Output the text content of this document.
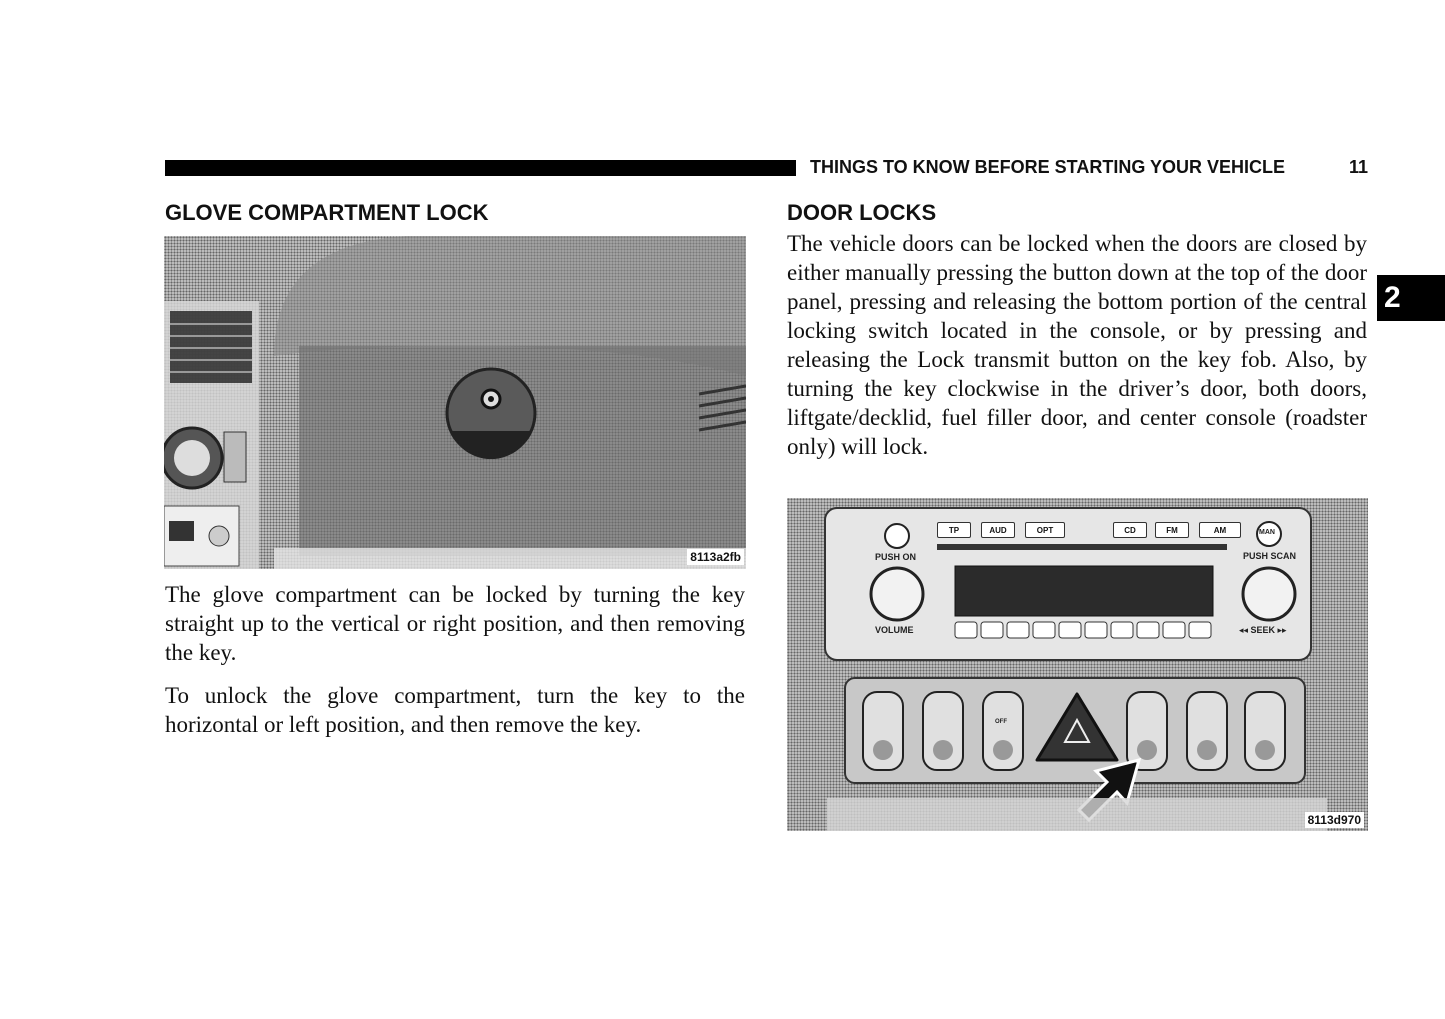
THINGS TO KNOW BEFORE STARTING YOUR VEHICLE	11
2
GLOVE COMPARTMENT LOCK
8113a2fb

The glove compartment can be locked by turning the key straight up to the vertical or right position, and then removing the key.

To unlock the glove compartment, turn the key to the horizontal or left position, and then remove the key.

DOOR LOCKS

The vehicle doors can be locked when the doors are closed by either manually pressing the button down at the top of the door panel, pressing and releasing the bottom portion of the central locking switch located in the console, or by pressing and releasing the Lock transmit button on the key fob. Also, by turning the key clockwise in the driver’s door, both doors, liftgate/decklid, fuel filler door, and center console (roadster only) will lock.

TP	AUD	OPT	CD	FM	AM
PUSH ON
VOLUME
MAN
PUSH SCAN
◂◂ SEEK ▸▸
OFF
8113d970
